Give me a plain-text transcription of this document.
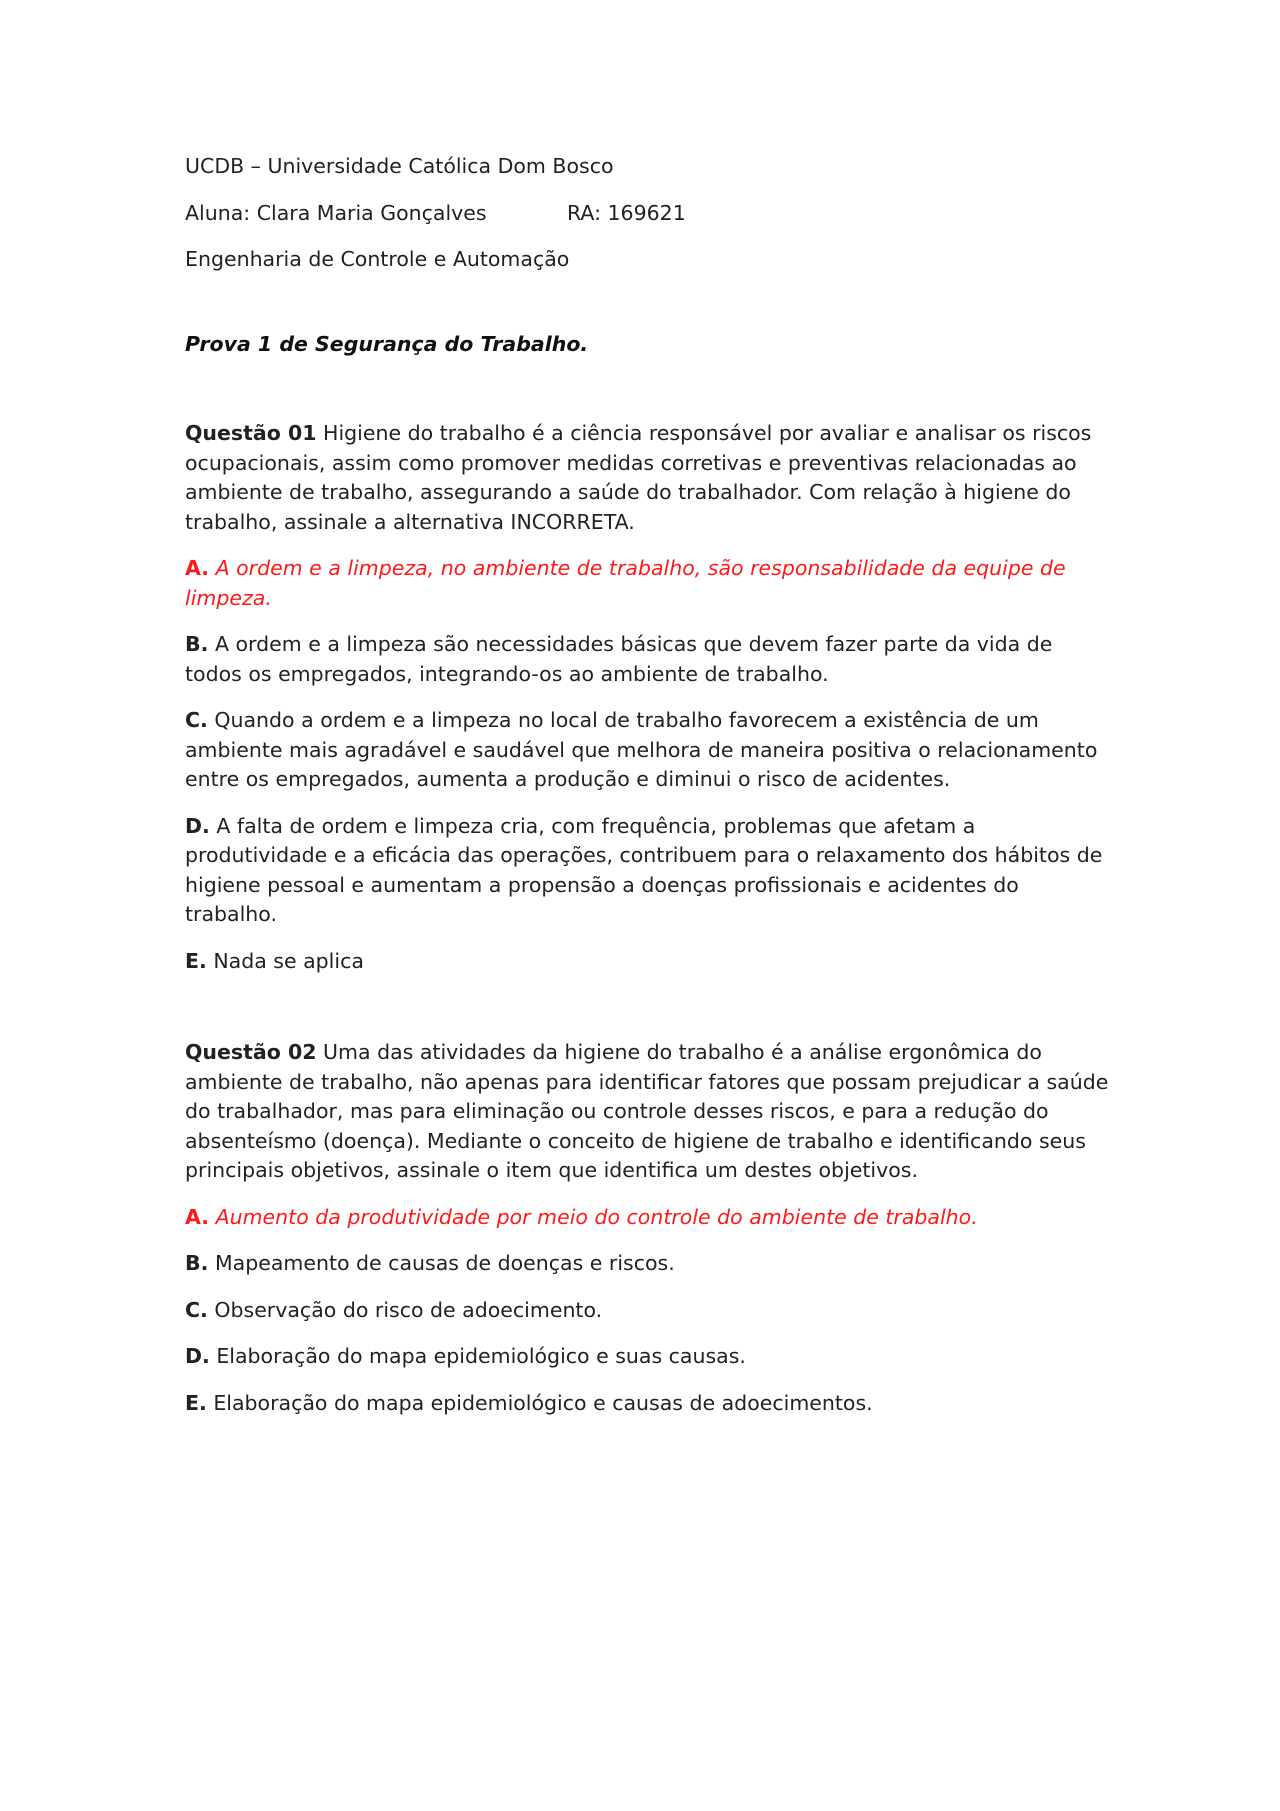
UCDB – Universidade Católica Dom Bosco

Aluna: Clara Maria Gonçalves	RA: 169621

Engenharia de Controle e Automação

Prova 1 de Segurança do Trabalho.

Questão 01 Higiene do trabalho é a ciência responsável por avaliar e analisar os riscos ocupacionais, assim como promover medidas corretivas e preventivas relacionadas ao ambiente de trabalho, assegurando a saúde do trabalhador. Com relação à higiene do trabalho, assinale a alternativa INCORRETA.

A. A ordem e a limpeza, no ambiente de trabalho, são responsabilidade da equipe de limpeza.

B. A ordem e a limpeza são necessidades básicas que devem fazer parte da vida de todos os empregados, integrando-os ao ambiente de trabalho.

C. Quando a ordem e a limpeza no local de trabalho favorecem a existência de um ambiente mais agradável e saudável que melhora de maneira positiva o relacionamento entre os empregados, aumenta a produção e diminui o risco de acidentes.

D. A falta de ordem e limpeza cria, com frequência, problemas que afetam a produtividade e a eficácia das operações, contribuem para o relaxamento dos hábitos de higiene pessoal e aumentam a propensão a doenças profissionais e acidentes do trabalho.

E. Nada se aplica

Questão 02 Uma das atividades da higiene do trabalho é a análise ergonômica do ambiente de trabalho, não apenas para identificar fatores que possam prejudicar a saúde do trabalhador, mas para eliminação ou controle desses riscos, e para a redução do absenteísmo (doença). Mediante o conceito de higiene de trabalho e identificando seus principais objetivos, assinale o item que identifica um destes objetivos.

A. Aumento da produtividade por meio do controle do ambiente de trabalho.

B. Mapeamento de causas de doenças e riscos.

C. Observação do risco de adoecimento.

D. Elaboração do mapa epidemiológico e suas causas.

E. Elaboração do mapa epidemiológico e causas de adoecimentos.
